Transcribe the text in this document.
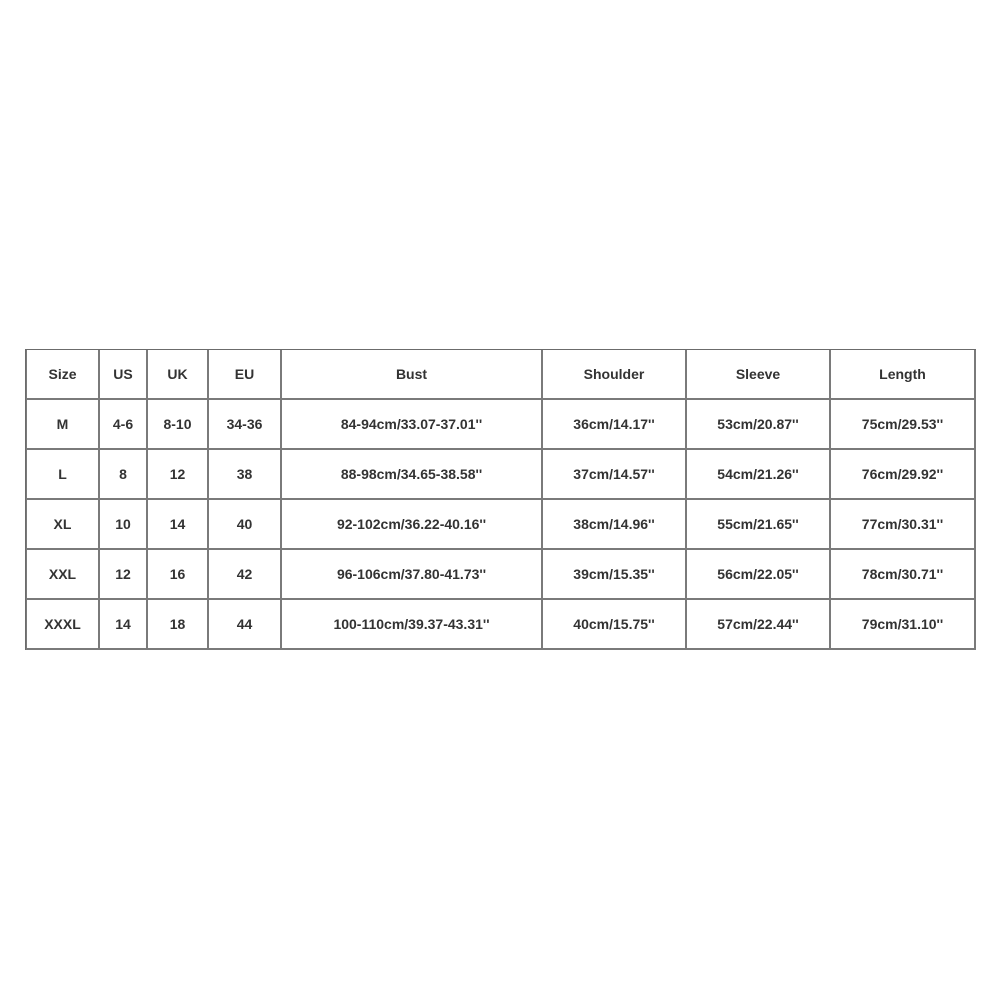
Size	US	UK	EU	Bust	Shoulder	Sleeve	Length
M	4-6	8-10	34-36	84-94cm/33.07-37.01''	36cm/14.17''	53cm/20.87''	75cm/29.53''
L	8	12	38	88-98cm/34.65-38.58''	37cm/14.57''	54cm/21.26''	76cm/29.92''
XL	10	14	40	92-102cm/36.22-40.16''	38cm/14.96''	55cm/21.65''	77cm/30.31''
XXL	12	16	42	96-106cm/37.80-41.73''	39cm/15.35''	56cm/22.05''	78cm/30.71''
XXXL	14	18	44	100-110cm/39.37-43.31''	40cm/15.75''	57cm/22.44''	79cm/31.10''
